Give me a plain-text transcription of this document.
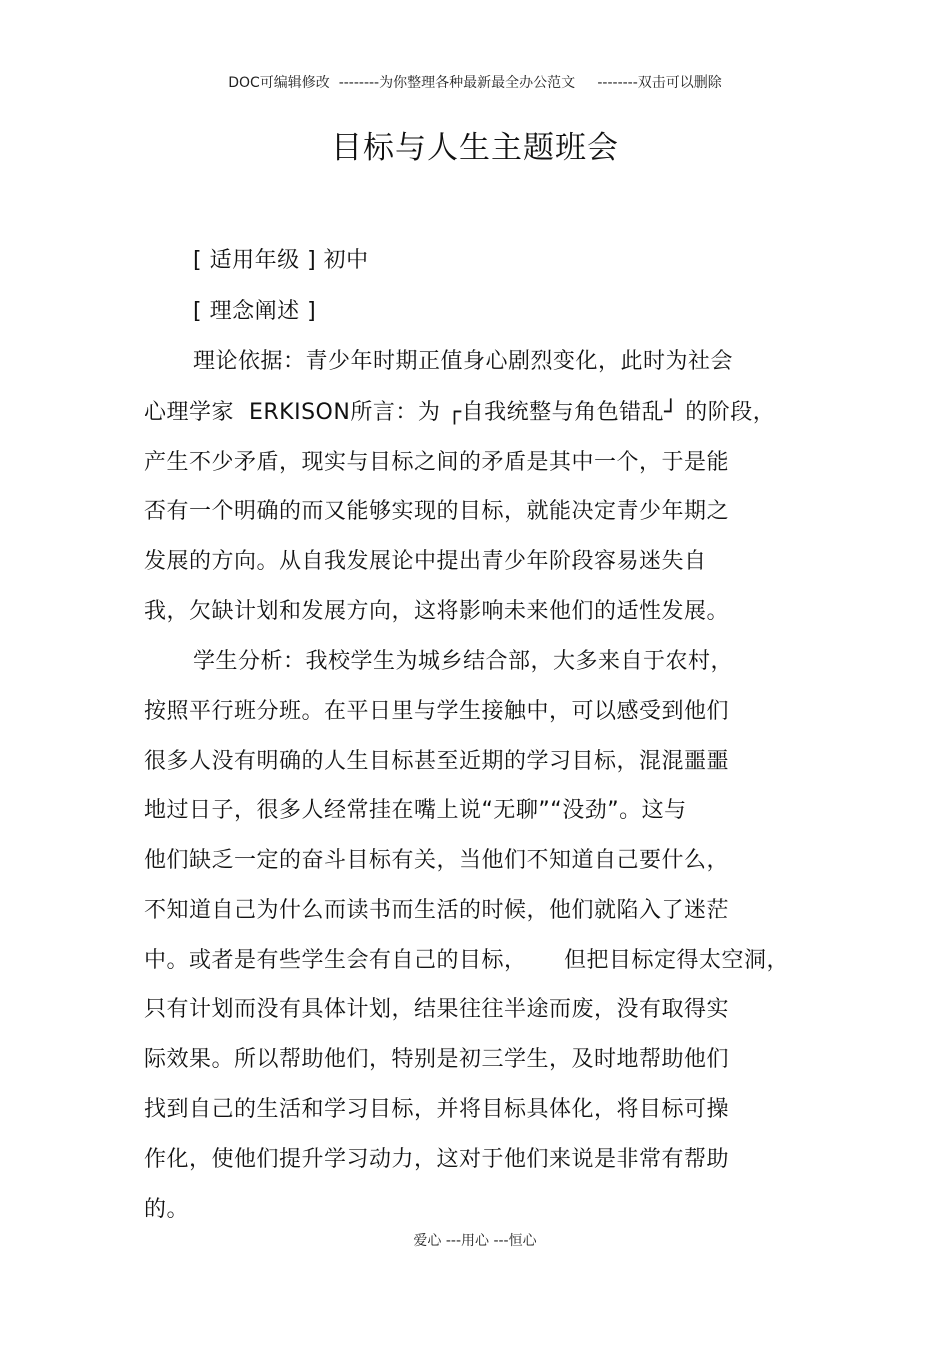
DOC可编辑修改  --------为你整理各种最新最全办公范文     --------双击可以删除
目标与人生主题班会
[ 适用年级 ] 初中
[ 理念阐述 ]
理论依据：青少年时期正值身心剧烈变化，此时为社会
心理学家  ERKISON所言：为 ┌自我统整与角色错乱┘ 的阶段，
产生不少矛盾，现实与目标之间的矛盾是其中一个，于是能
否有一个明确的而又能够实现的目标，就能决定青少年期之
发展的方向。从自我发展论中提出青少年阶段容易迷失自
我，欠缺计划和发展方向，这将影响未来他们的适性发展。
学生分析：我校学生为城乡结合部，大多来自于农村，
按照平行班分班。在平日里与学生接触中，可以感受到他们
很多人没有明确的人生目标甚至近期的学习目标，混混噩噩
地过日子，很多人经常挂在嘴上说“无聊”“没劲”。这与
他们缺乏一定的奋斗目标有关，当他们不知道自己要什么，
不知道自己为什么而读书而生活的时候，他们就陷入了迷茫
中。或者是有些学生会有自己的目标，     但把目标定得太空洞，
只有计划而没有具体计划，结果往往半途而废，没有取得实
际效果。所以帮助他们，特别是初三学生，及时地帮助他们
找到自己的生活和学习目标，并将目标具体化，将目标可操
作化，使他们提升学习动力，这对于他们来说是非常有帮助
的。
爱心 ---用心 ---恒心
